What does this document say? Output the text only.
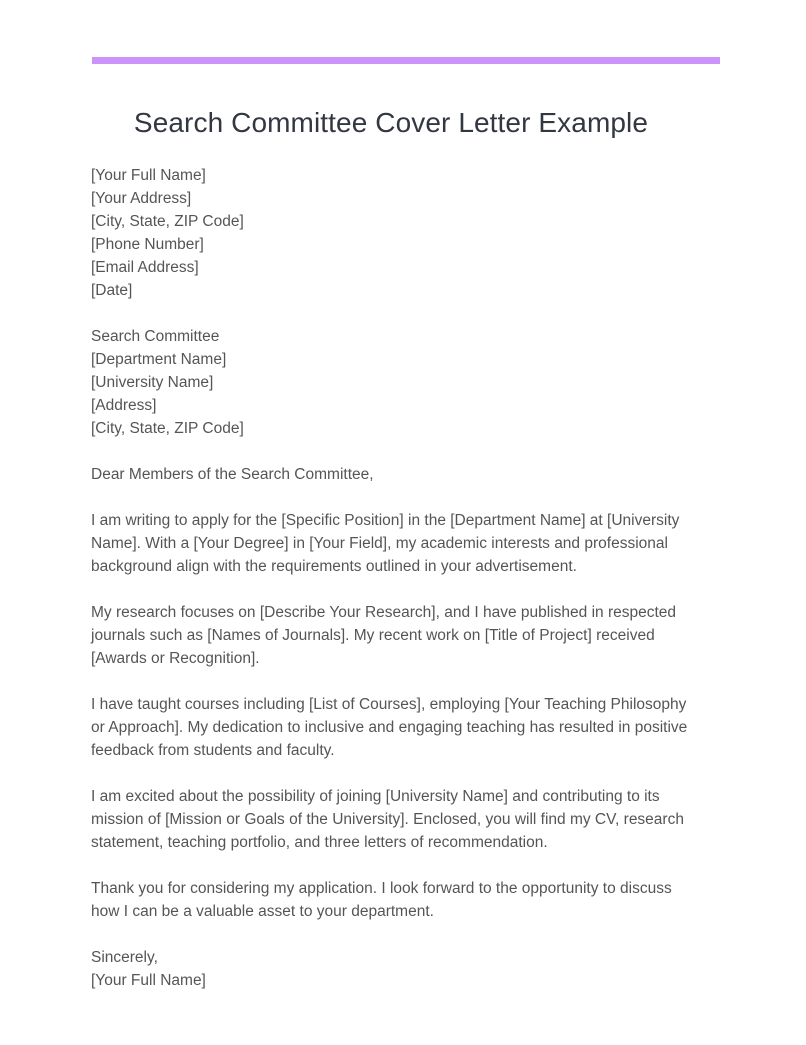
Search Committee Cover Letter Example
[Your Full Name]
[Your Address]
[City, State, ZIP Code]
[Phone Number]
[Email Address]
[Date]
Search Committee
[Department Name]
[University Name]
[Address]
[City, State, ZIP Code]

Dear Members of the Search Committee,

I am writing to apply for the [Specific Position] in the [Department Name] at [University Name]. With a [Your Degree] in [Your Field], my academic interests and professional background align with the requirements outlined in your advertisement.

My research focuses on [Describe Your Research], and I have published in respected journals such as [Names of Journals]. My recent work on [Title of Project] received [Awards or Recognition].

I have taught courses including [List of Courses], employing [Your Teaching Philosophy or Approach]. My dedication to inclusive and engaging teaching has resulted in positive feedback from students and faculty.

I am excited about the possibility of joining [University Name] and contributing to its mission of [Mission or Goals of the University]. Enclosed, you will find my CV, research statement, teaching portfolio, and three letters of recommendation.

Thank you for considering my application. I look forward to the opportunity to discuss how I can be a valuable asset to your department.

Sincerely,
[Your Full Name]
